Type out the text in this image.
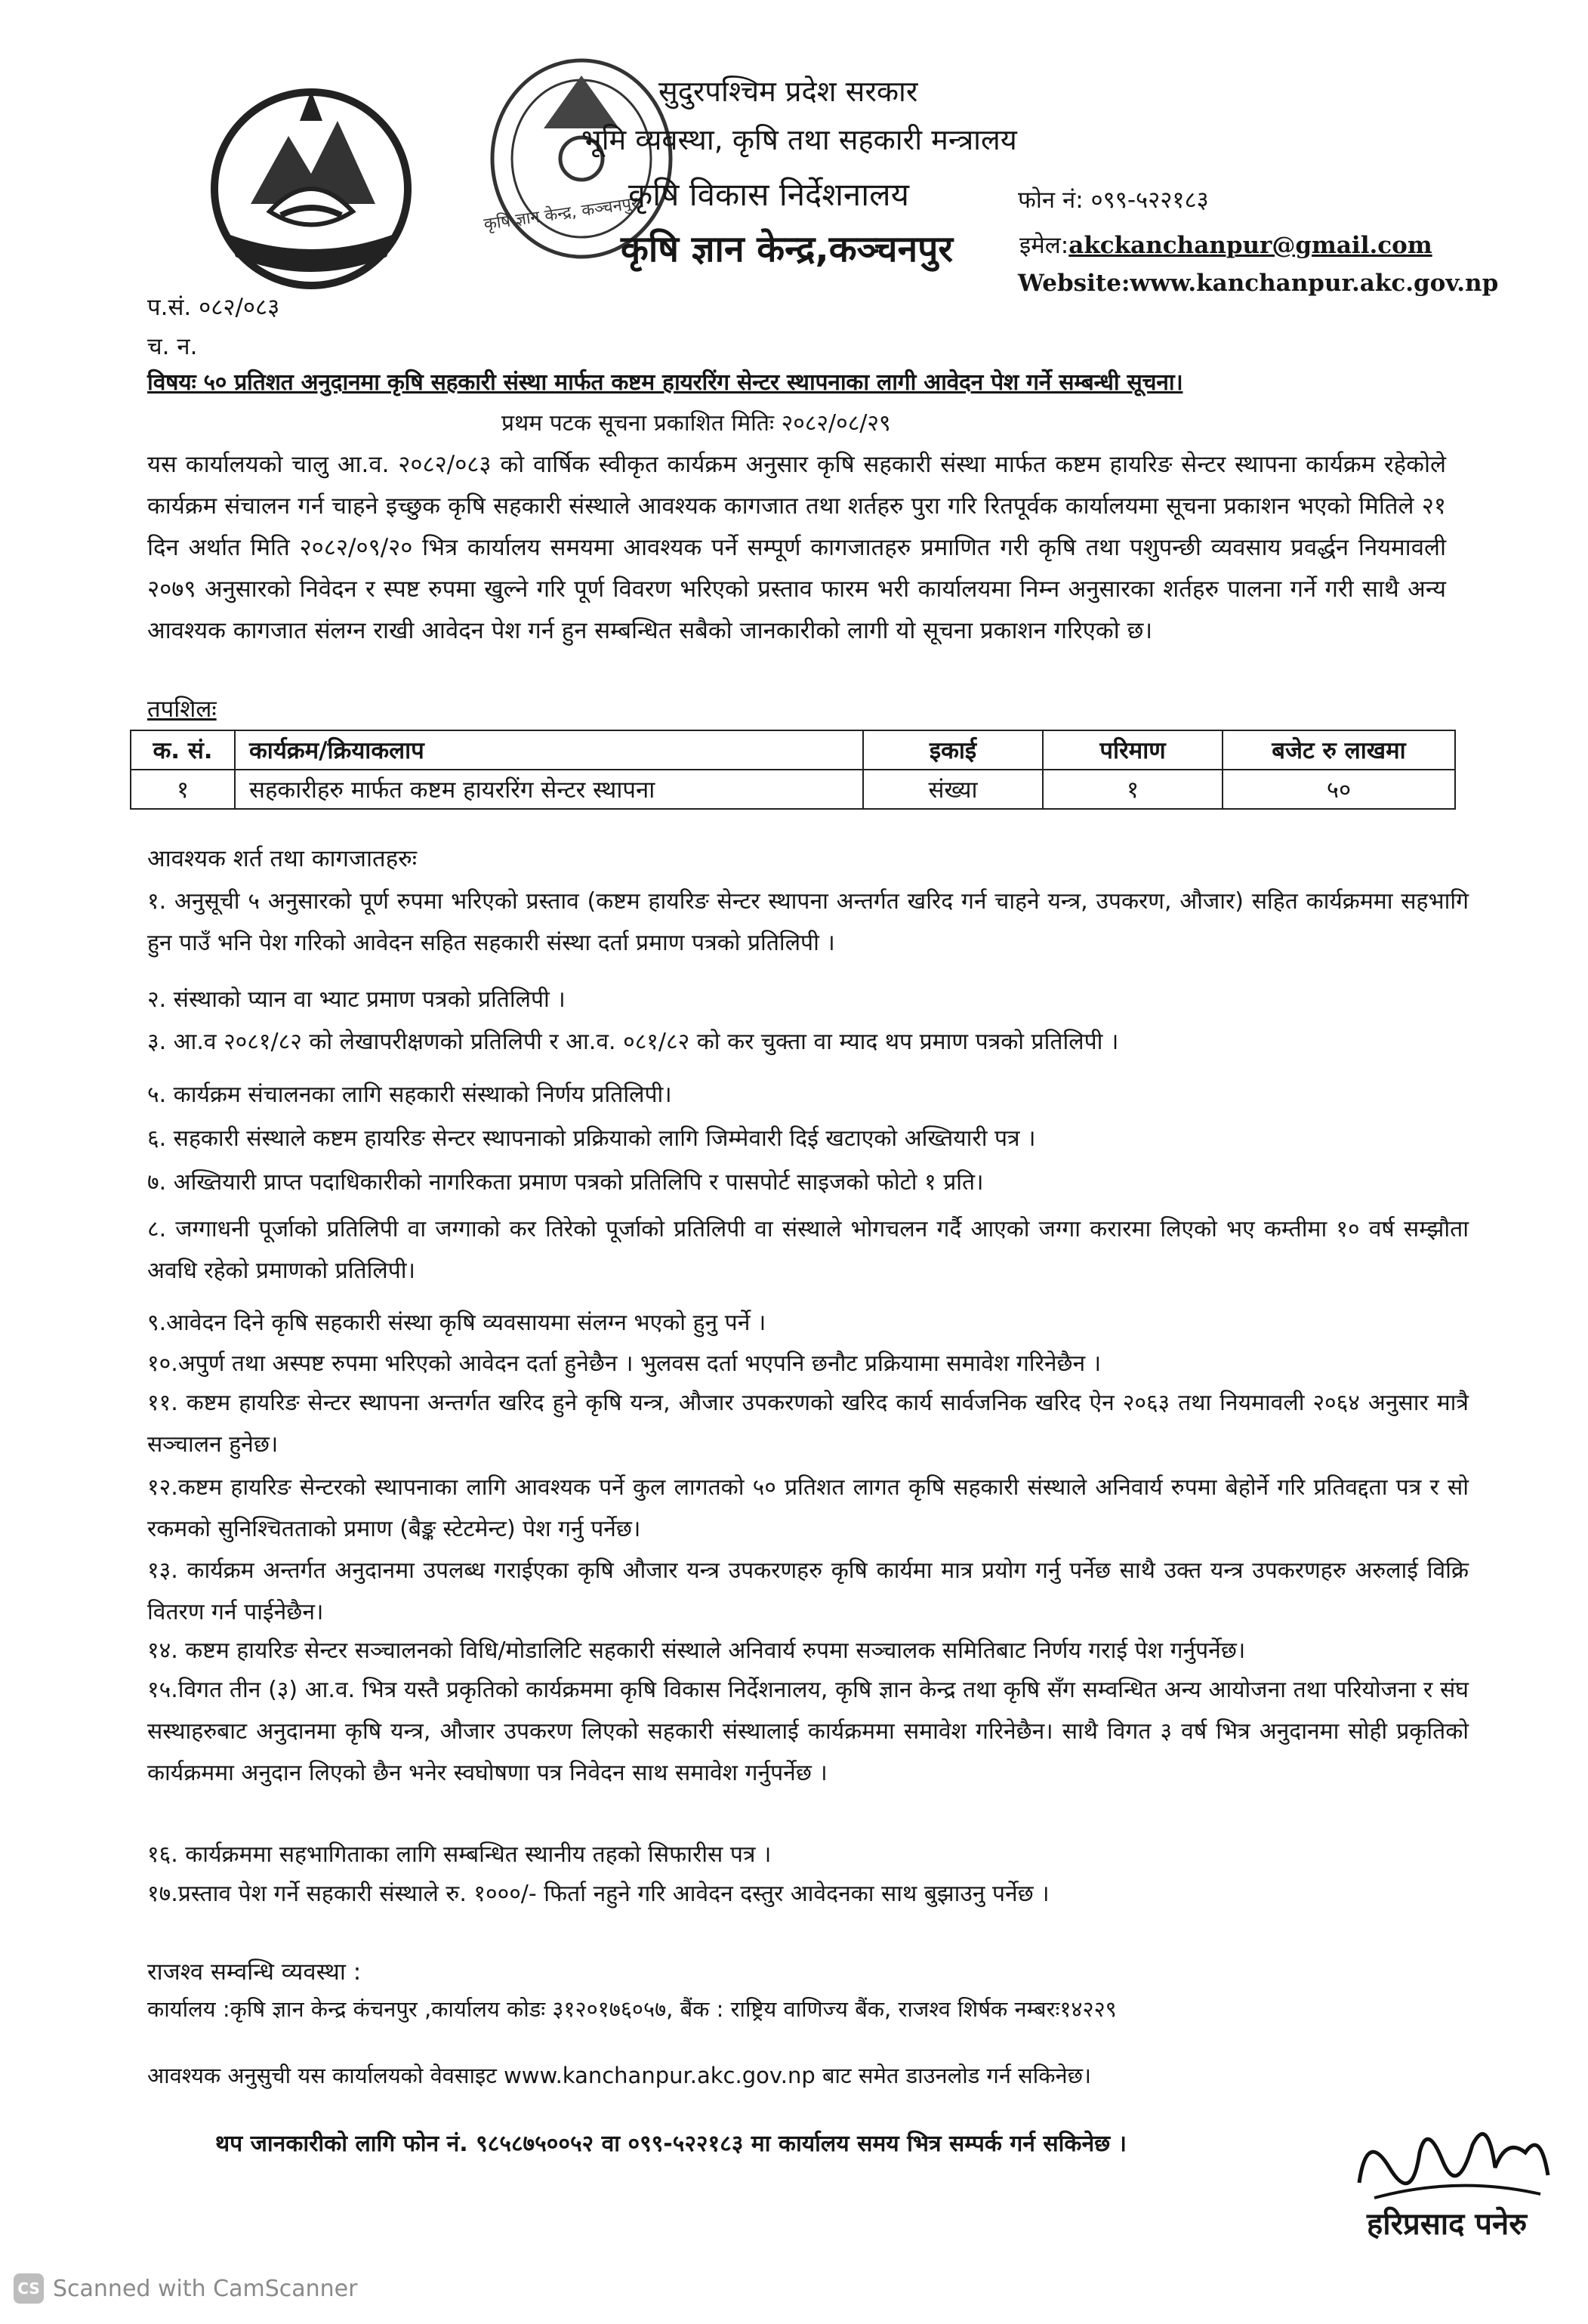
कृषि ज्ञान केन्द्र, कञ्चनपुर
सुदुरपश्चिम प्रदेश सरकार
भूमि व्यवस्था, कृषि तथा सहकारी मन्त्रालय
कृषि विकास निर्देशनालय
कृषि ज्ञान केन्द्र,कञ्चनपुर
फोन नं: ०९९-५२२१८३
इमेल:akckanchanpur@gmail.com
Website:www.kanchanpur.akc.gov.np
प.सं. ०८२/०८३
च. न.
विषयः ५० प्रतिशत अनुदानमा कृषि सहकारी संस्था मार्फत कष्टम हायररिंग सेन्टर स्थापनाका लागी आवेदन पेश गर्ने सम्बन्धी सूचना।
प्रथम पटक सूचना प्रकाशित मितिः २०८२/०८/२९
यस कार्यालयको चालु आ.व. २०८२/०८३ को वार्षिक स्वीकृत कार्यक्रम अनुसार कृषि सहकारी संस्था मार्फत कष्टम हायरिङ सेन्टर स्थापना कार्यक्रम रहेकोले कार्यक्रम संचालन गर्न चाहने इच्छुक कृषि सहकारी संस्थाले आवश्यक कागजात तथा शर्तहरु पुरा गरि रितपूर्वक कार्यालयमा सूचना प्रकाशन भएको मितिले २१ दिन अर्थात मिति २०८२/०९/२० भित्र कार्यालय समयमा आवश्यक पर्ने सम्पूर्ण कागजातहरु प्रमाणित गरी कृषि तथा पशुपन्छी व्यवसाय प्रवर्द्धन नियमावली २०७९ अनुसारको निवेदन र स्पष्ट रुपमा खुल्ने गरि पूर्ण विवरण भरिएको प्रस्ताव फारम भरी कार्यालयमा निम्न अनुसारका शर्तहरु पालना गर्ने गरी साथै अन्य आवश्यक कागजात संलग्न राखी आवेदन पेश गर्न हुन सम्बन्धित सबैको जानकारीको लागी यो सूचना प्रकाशन गरिएको छ।
तपशिलः
क. सं.	कार्यक्रम/क्रियाकलाप	इकाई	परिमाण	बजेट रु लाखमा
१	सहकारीहरु मार्फत कष्टम हायररिंग सेन्टर स्थापना	संख्या	१	५०
आवश्यक शर्त तथा कागजातहरुः
१. अनुसूची ५ अनुसारको पूर्ण रुपमा भरिएको प्रस्ताव (कष्टम हायरिङ सेन्टर स्थापना अन्तर्गत खरिद गर्न चाहने यन्त्र, उपकरण, औजार) सहित कार्यक्रममा सहभागि हुन पाउँ भनि पेश गरिको आवेदन सहित सहकारी संस्था दर्ता प्रमाण पत्रको प्रतिलिपी ।
२. संस्थाको प्यान वा भ्याट प्रमाण पत्रको प्रतिलिपी ।
३. आ.व २०८१/८२ को लेखापरीक्षणको प्रतिलिपी र आ.व. ०८१/८२ को कर चुक्ता वा म्याद थप प्रमाण पत्रको प्रतिलिपी ।
५. कार्यक्रम संचालनका लागि सहकारी संस्थाको निर्णय प्रतिलिपी।
६. सहकारी संस्थाले कष्टम हायरिङ सेन्टर स्थापनाको प्रक्रियाको लागि जिम्मेवारी दिई खटाएको अख्तियारी पत्र ।
७. अख्तियारी प्राप्त पदाधिकारीको नागरिकता प्रमाण पत्रको प्रतिलिपि र पासपोर्ट साइजको फोटो १ प्रति।
८. जग्गाधनी पूर्जाको प्रतिलिपी वा जग्गाको कर तिरेको पूर्जाको प्रतिलिपी वा संस्थाले भोगचलन गर्दै आएको जग्गा करारमा लिएको भए कम्तीमा १० वर्ष सम्झौता अवधि रहेको प्रमाणको प्रतिलिपी।
९.आवेदन दिने कृषि सहकारी संस्था कृषि व्यवसायमा संलग्न भएको हुनु पर्ने ।
१०.अपुर्ण तथा अस्पष्ट रुपमा भरिएको आवेदन दर्ता हुनेछैन । भुलवस दर्ता भएपनि छनौट प्रक्रियामा समावेश गरिनेछैन ।
११. कष्टम हायरिङ सेन्टर स्थापना अन्तर्गत खरिद हुने कृषि यन्त्र, औजार उपकरणको खरिद कार्य सार्वजनिक खरिद ऐन २०६३ तथा नियमावली २०६४ अनुसार मात्रै सञ्चालन हुनेछ।
१२.कष्टम हायरिङ सेन्टरको स्थापनाका लागि आवश्यक पर्ने कुल लागतको ५० प्रतिशत लागत कृषि सहकारी संस्थाले अनिवार्य रुपमा बेहोर्ने गरि प्रतिवद्दता पत्र र सो रकमको सुनिश्चितताको प्रमाण (बैङ्क स्टेटमेन्ट) पेश गर्नु पर्नेछ।
१३. कार्यक्रम अन्तर्गत अनुदानमा उपलब्ध गराईएका कृषि औजार यन्त्र उपकरणहरु कृषि कार्यमा मात्र प्रयोग गर्नु पर्नेछ साथै उक्त यन्त्र उपकरणहरु अरुलाई विक्रि वितरण गर्न पाईनेछैन।
१४. कष्टम हायरिङ सेन्टर सञ्चालनको विधि/मोडालिटि सहकारी संस्थाले अनिवार्य रुपमा सञ्चालक समितिबाट निर्णय गराई पेश गर्नुपर्नेछ।
१५.विगत तीन (३) आ.व. भित्र यस्तै प्रकृतिको कार्यक्रममा कृषि विकास निर्देशनालय, कृषि ज्ञान केन्द्र तथा कृषि सँग सम्वन्धित अन्य आयोजना तथा परियोजना र संघ सस्थाहरुबाट अनुदानमा कृषि यन्त्र, औजार उपकरण लिएको सहकारी संस्थालाई कार्यक्रममा समावेश गरिनेछैन। साथै विगत ३ वर्ष भित्र अनुदानमा सोही प्रकृतिको कार्यक्रममा अनुदान लिएको छैन भनेर स्वघोषणा पत्र निवेदन साथ समावेश गर्नुपर्नेछ ।
१६. कार्यक्रममा सहभागिताका लागि सम्बन्धित स्थानीय तहको सिफारीस पत्र ।
१७.प्रस्ताव पेश गर्ने सहकारी संस्थाले रु. १०००/- फिर्ता नहुने गरि आवेदन दस्तुर आवेदनका साथ बुझाउनु पर्नेछ ।
राजश्व सम्वन्धि व्यवस्था :
कार्यालय :कृषि ज्ञान केन्द्र कंचनपुर ,कार्यालय कोडः ३१२०१७६०५७, बैंक : राष्ट्रिय वाणिज्य बैंक, राजश्व शिर्षक नम्बरः१४२२९
आवश्यक अनुसुची यस कार्यालयको वेवसाइट www.kanchanpur.akc.gov.np बाट समेत डाउनलोड गर्न सकिनेछ।
थप जानकारीको लागि फोन नं. ९८५८७५००५२ वा ०९९-५२२१८३ मा कार्यालय समय भित्र सम्पर्क गर्न सकिनेछ ।
हरिप्रसाद पनेरु
CS Scanned with CamScanner
